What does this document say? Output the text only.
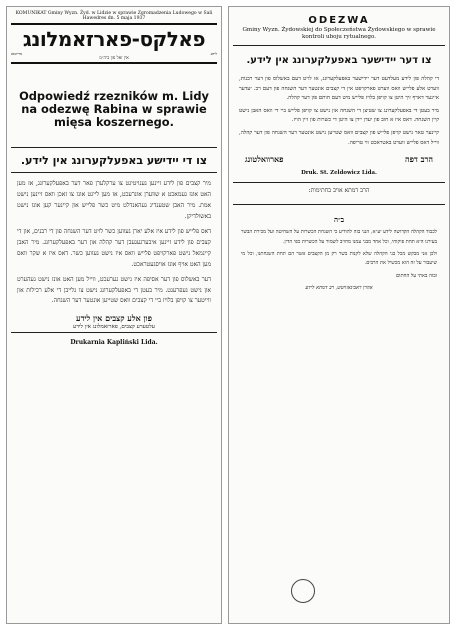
KOMUNIKAT Gminy Wyzn. Żyd. w Lidzie w sprawie Zgromadzenia Ludowego w Sali Hawedres dn. 5 maja 1937
פאלקס-פארזאמלונג
פרייטאג	לידע
אין זאל פון ביה״מ
Odpowiedź rzezników m. Lidy na odezwę Rabina w sprawie mięsa koszernego.
צו די יידישע באפעלקערונג אין לידע.

מיר קצבים פון לידע זיינען גענויטיגט צו ערקלערן פאר דער באפעלקערונג, אז מען האט אונז געמאכט א שווערן אונרעכט, אז מען לייגט אונז צו זאכן וואס זיינען נישט אמת. מיר האבן שטענדיג געהאנדלט מיט כשר פלייש און קיינער קען אונז נישט באשולדיקן.

דאס פלייש פון לידע איז אלע יארן געווען כשר לויט דער השגחה פון די רבנים, און די קצבים פון לידע זיינען איבערגעגעבן דער קהלה און דער באפעלקערונג. מיר האבן קיינמאל נישט פארקויפט פלייש וואס איז נישט געווען כשר. דאס איז א שקר וואס מען האט אויף אונז אויסגעטראכט.

דער באשלוס פון דער אסיפה איז נישט גערעכט, ווייל מען האט אונז נישט געהערט און נישט געפרעגט. מיר בעטן די באפעלקערונג נישט צו גלייבן די אלע רכילות און ווייטער צו קויפן בלויז ביי די קצבים וואס שטייען אונטער דער השגחה.

פון אלע קצבים אין לידע
עלטערע קצבים, פארזאמלונג אין לידע
Drukarnia Kapliński Lida.
ODEZWA
Gminy Wyzn. Żydowskiej do Społeczeństwa Żydowskiego w sprawie kontroli uboju rytualnego.
צו דער יידישער באפעלקערונג אין לידע.

די קהלה פון לידע מעלדעט דער יידישער באפעלקערונג, אז לויט דעם באשלוס פון דער רבנות, ווערט אלע פלייש וואס ווערט פארקויפט אין די קצבים אונטער דער השגחה פון דעם רב. יעדער איינער דארף זיך היטן צו קויפן בלויז פלייש מיט דעם חותם פון דער קהלה.

מיר בעטן די באפעלקערונג צו שטיצן די השגחה און נישט צו קויפן פלייש ביי די וואס האבן נישט קיין השגחה. דאס איז א חוב פון יעדן יידן צו היטן די כשרות פון זיין הויז.

קיינער טאר נישט קויפן פלייש פון קצבים וואס שטייען נישט אונטער דער השגחה פון דער קהלה, ווייל דאס פלייש ווערט באטראכט ווי טריפה.

הרב דפה
פארוואלטונג
Druk. St. Zeldowicz Lida.
הרב דמתא אויב בחתימות:
ב״ה

לכבוד הקהלה הקדושה לידע יע״א, הנני בזה להודיע כי השגחת הכשרות על השחיטה ועל מכירת הבשר בעירנו היא תחת פיקוחי, וכל אחד מבני עמנו מחויב לשמור על הכשרות כפי הדין.

ולכן אני מבקש מכל בני הקהלה שלא לקנות בשר רק מן הקצבים אשר הם תחת השגחתנו, וכל מי שיעבור על זה הוא מכשיל את הרבים.

ובזה באתי על החתום

אהרן ראבינאוויטש, רב דמתא לידע
